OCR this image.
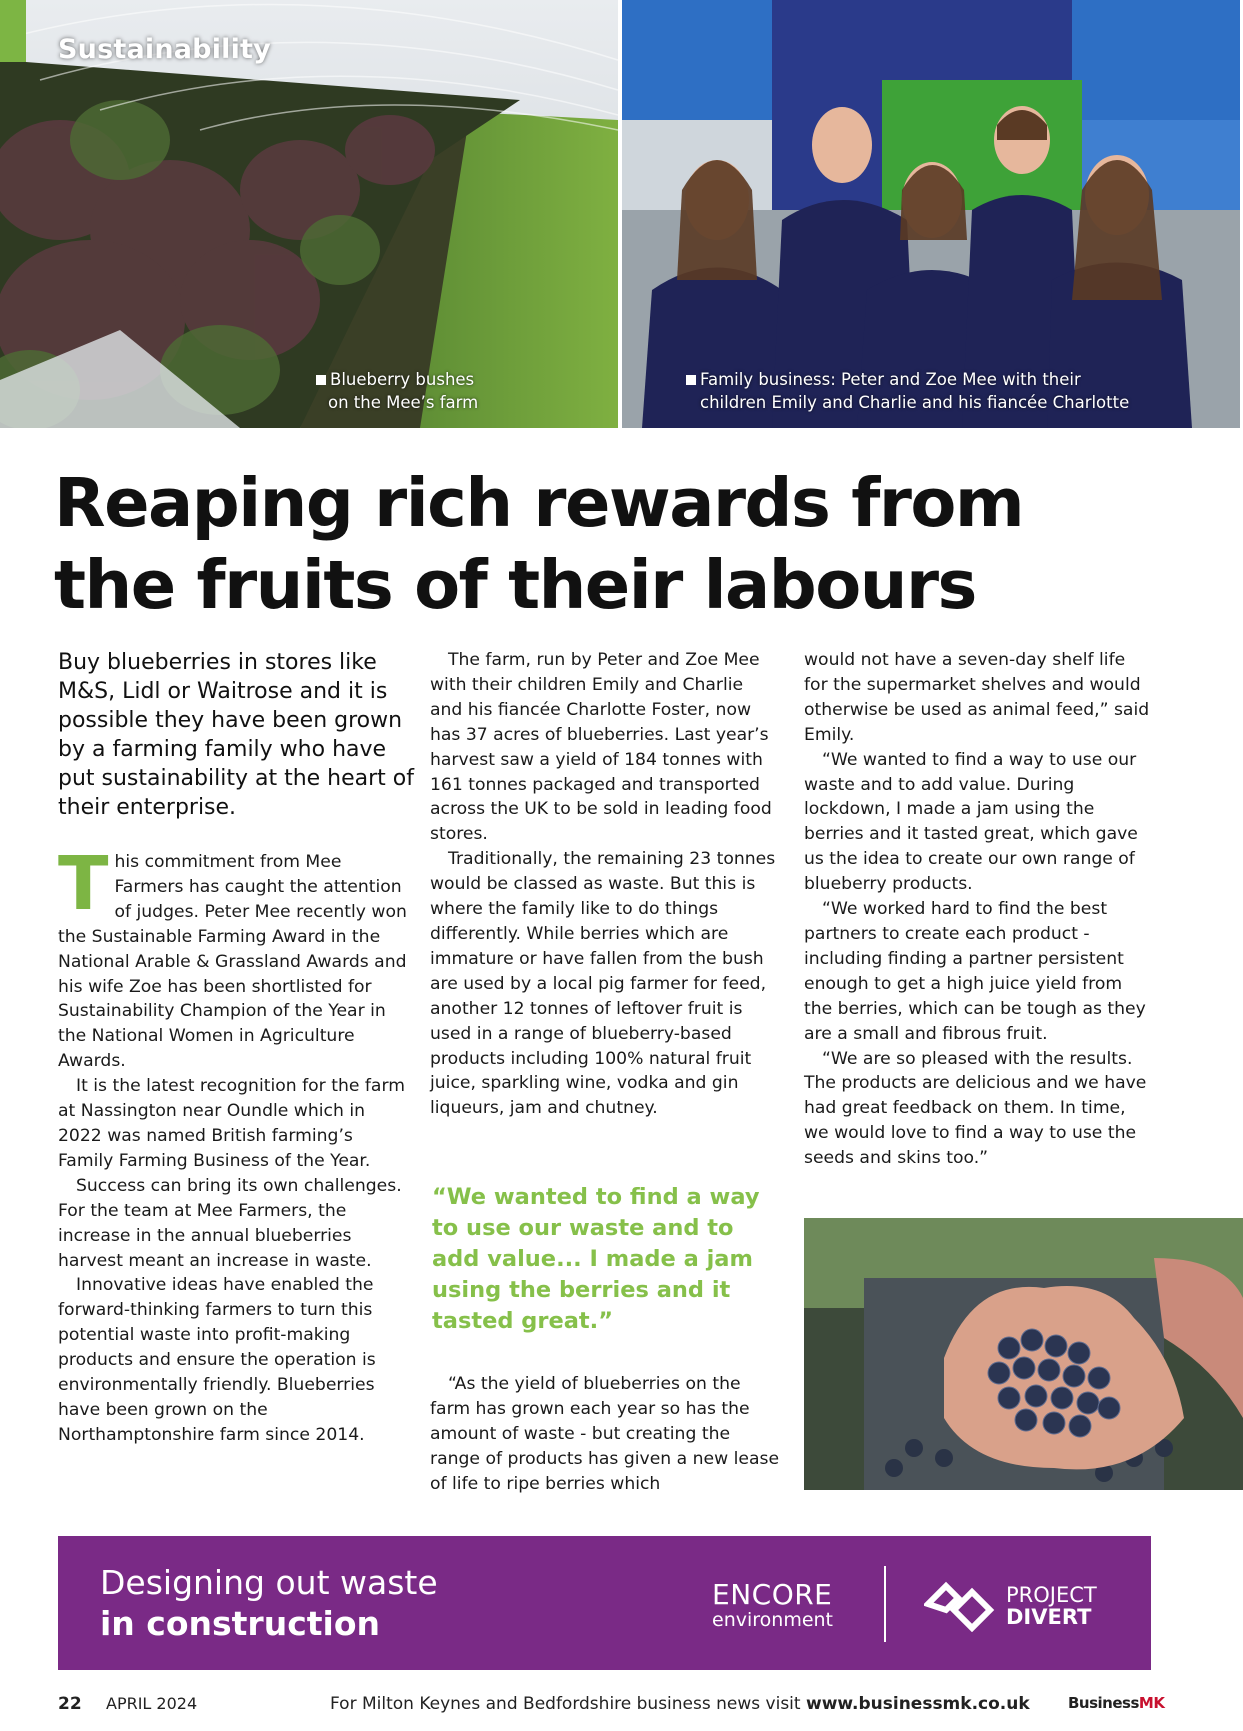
Sustainability
Blueberry bushes
on the Mee’s farm
Family business: Peter and Zoe Mee with their
children Emily and Charlie and his fiancée Charlotte
Reaping rich rewards from
the fruits of their labours
Buy blueberries in stores like M&S, Lidl or Waitrose and it is possible they have been grown by a farming family who have put sustainability at the heart of their enterprise.

This commitment from Mee Farmers has caught the attention of judges. Peter Mee recently won the Sustainable Farming Award in the National Arable & Grassland Awards and his wife Zoe has been shortlisted for Sustainability Champion of the Year in the National Women in Agriculture Awards.

It is the latest recognition for the farm at Nassington near Oundle which in 2022 was named British farming’s Family Farming Business of the Year.

Success can bring its own challenges. For the team at Mee Farmers, the increase in the annual blueberries harvest meant an increase in waste.

Innovative ideas have enabled the forward-thinking farmers to turn this potential waste into profit-making products and ensure the operation is environmentally friendly. Blueberries have been grown on the Northamptonshire farm since 2014.

The farm, run by Peter and Zoe Mee with their children Emily and Charlie and his fiancée Charlotte Foster, now has 37 acres of blueberries. Last year’s harvest saw a yield of 184 tonnes with 161 tonnes packaged and transported across the UK to be sold in leading food stores.

Traditionally, the remaining 23 tonnes would be classed as waste. But this is where the family like to do things differently. While berries which are immature or have fallen from the bush are used by a local pig farmer for feed, another 12 tonnes of leftover fruit is used in a range of blueberry-based products including 100% natural fruit juice, sparkling wine, vodka and gin liqueurs, jam and chutney.

“We wanted to find a way to use our waste and to add value... I made a jam using the berries and it tasted great.”

“As the yield of blueberries on the farm has grown each year so has the amount of waste - but creating the range of products has given a new lease of life to ripe berries which

would not have a seven-day shelf life for the supermarket shelves and would otherwise be used as animal feed,” said Emily.

“We wanted to find a way to use our waste and to add value. During lockdown, I made a jam using the berries and it tasted great, which gave us the idea to create our own range of blueberry products.

“We worked hard to find the best partners to create each product - including finding a partner persistent enough to get a high juice yield from the berries, which can be tough as they are a small and fibrous fruit.

“We are so pleased with the results. The products are delicious and we have had great feedback on them. In time, we would love to find a way to use the seeds and skins too.”

Designing out waste
in construction
ENCORE
environment
PROJECT
DIVERT
22 APRIL 2024	For Milton Keynes and Bedfordshire business news visit www.businessmk.co.uk	BusinessMK
